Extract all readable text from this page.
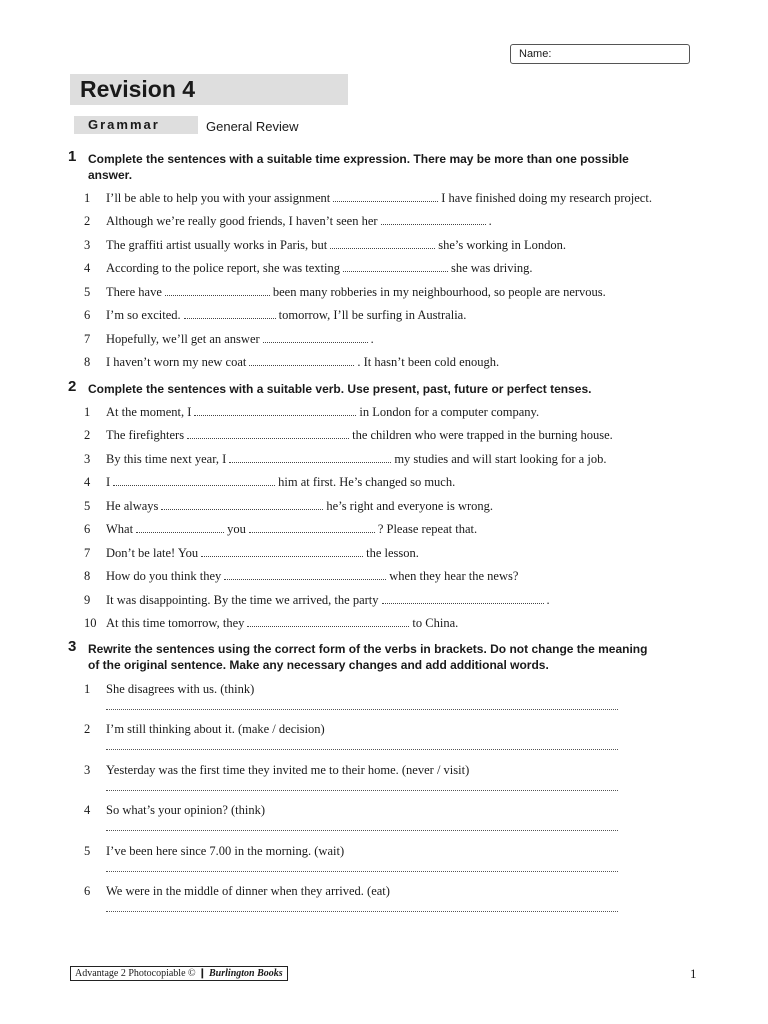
Name:
Revision 4
Grammar	General Review
1 Complete the sentences with a suitable time expression. There may be more than one possible answer.
1 I’ll be able to help you with your assignment	I have finished doing my research project.
2 Although we’re really good friends, I haven’t seen her	.
3 The graffiti artist usually works in Paris, but	she’s working in London.
4 According to the police report, she was texting	she was driving.
5 There have	been many robberies in my neighbourhood, so people are nervous.
6 I’m so excited.	tomorrow, I’ll be surfing in Australia.
7 Hopefully, we’ll get an answer	.
8 I haven’t worn my new coat	. It hasn’t been cold enough.
2 Complete the sentences with a suitable verb. Use present, past, future or perfect tenses.
1 At the moment, I	in London for a computer company.
2 The firefighters	the children who were trapped in the burning house.
3 By this time next year, I	my studies and will start looking for a job.
4 I	him at first. He’s changed so much.
5 He always	he’s right and everyone is wrong.
6 What	you	? Please repeat that.
7 Don’t be late! You	the lesson.
8 How do you think they	when they hear the news?
9 It was disappointing. By the time we arrived, the party	.
10 At this time tomorrow, they	to China.
3 Rewrite the sentences using the correct form of the verbs in brackets. Do not change the meaning of the original sentence. Make any necessary changes and add additional words.
1 She disagrees with us. (think)
2 I’m still thinking about it. (make / decision)
3 Yesterday was the first time they invited me to their home. (never / visit)
4 So what’s your opinion? (think)
5 I’ve been here since 7.00 in the morning. (wait)
6 We were in the middle of dinner when they arrived. (eat)
Advantage 2 Photocopiable © ❙ Burlington Books	1
